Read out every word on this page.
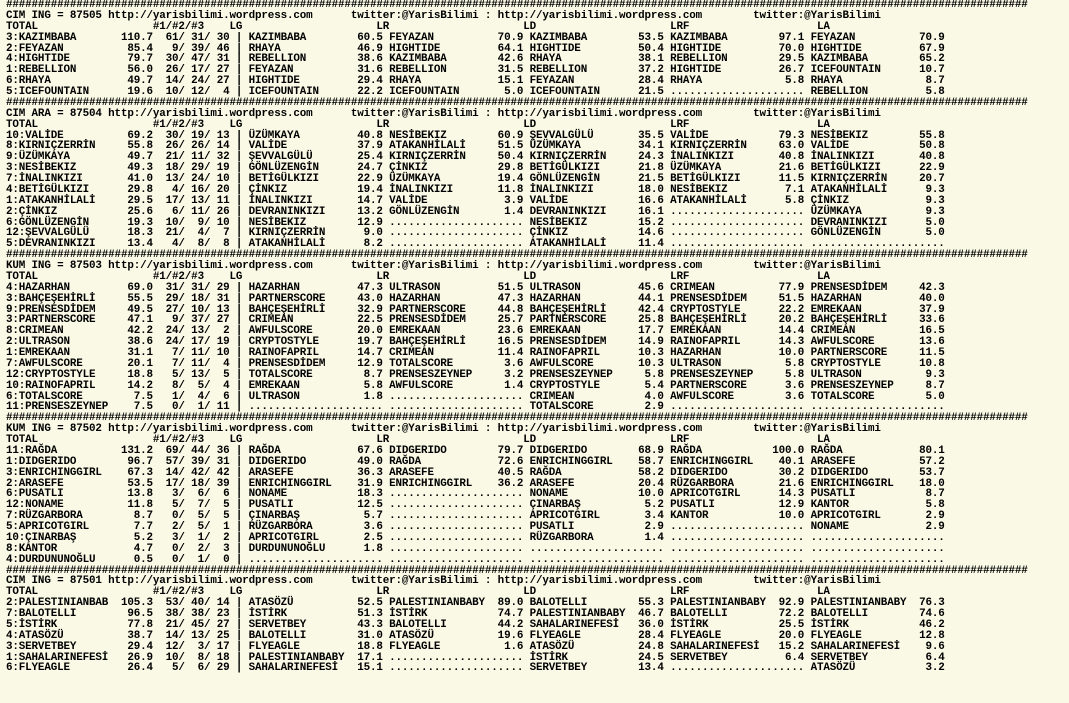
################################################################################################################################################################
CIM ING = 87505 http://yarisbilimi.wordpress.com      twitter:@YarisBilimi : http://yarisbilimi.wordpress.com        twitter:@YarisBilimi
TOTAL                  #1/#2/#3    LG                     LR                     LD                     LRF                    LA
3:KAZIMBABA       110.7  61/ 31/ 30 | KAZIMBABA        60.5 FEYAZAN          70.9 KAZIMBABA        53.5 KAZIMBABA        97.1 FEYAZAN          70.9
2:FEYAZAN          85.4   9/ 39/ 46 | RHAYA            46.9 HIGHTIDE         64.1 HIGHTIDE         50.4 HIGHTIDE         70.0 HIGHTIDE         67.9
4:HIGHTIDE         79.7  30/ 47/ 31 | REBELLION        38.6 KAZIMBABA        42.6 RHAYA            38.1 REBELLION        29.5 KAZIMBABA        65.2
1:REBELLION        56.0  26/ 17/ 27 | FEYAZAN          31.6 REBELLION        31.5 REBELLION        37.2 HIGHTIDE         26.7 ICEFOUNTAIN      10.7
6:RHAYA            49.7  14/ 24/ 27 | HIGHTIDE         29.4 RHAYA            15.1 FEYAZAN          28.4 RHAYA             5.8 RHAYA             8.7
5:ICEFOUNTAIN      19.6  10/ 12/  4 | ICEFOUNTAIN      22.2 ICEFOUNTAIN       5.0 ICEFOUNTAIN      21.5 ..................... REBELLION         5.8
################################################################################################################################################################
CIM ARA = 87504 http://yarisbilimi.wordpress.com      twitter:@YarisBilimi : http://yarisbilimi.wordpress.com        twitter:@YarisBilimi
TOTAL                  #1/#2/#3    LG                     LR                     LD                     LRF                    LA
10:VALİDE          69.2  30/ 19/ 13 | ÜZÜMKAYA         40.8 NESİBEKIZ        60.9 ŞEVVALGÜLÜ       35.5 VALİDE           79.3 NESİBEKIZ        55.8
8:KIRNIÇZERRİN     55.8  26/ 26/ 14 | VALİDE           37.9 ATAKANHİLALİ     51.5 ÜZÜMKAYA         34.1 KIRNIÇZERRİN     63.0 VALİDE           50.8
9:ÜZÜMKAYA         49.7  21/ 11/ 32 | ŞEVVALGÜLÜ       25.4 KIRNIÇZERRİN     50.4 KIRNIÇZERRİN     24.3 İNALINKIZI       40.8 İNALINKIZI       40.8
3:NESİBEKIZ        49.3  18/ 29/ 19 | GÖNLÜZENGİN      24.7 ÇİNKIZ           29.8 BETİGÜLKIZI      21.8 ÜZÜMKAYA         21.6 BETİGÜLKIZI      22.9
7:İNALINKIZI       41.0  13/ 24/ 10 | BETİGÜLKIZI      22.9 ÜZÜMKAYA         19.4 GÖNLÜZENGİN      21.5 BETİGÜLKIZI      11.5 KIRNIÇZERRİN     20.7
4:BETİGÜLKIZI      29.8   4/ 16/ 20 | ÇİNKIZ           19.4 İNALINKIZI       11.8 İNALINKIZI       18.0 NESİBEKIZ         7.1 ATAKANHİLALİ      9.3
1:ATAKANHİLALİ     29.5  17/ 13/ 11 | İNALINKIZI       14.7 VALİDE            3.9 VALİDE           16.6 ATAKANHİLALİ      5.8 ÇİNKIZ            9.3
2:ÇİNKIZ           25.6   6/ 11/ 26 | DEVRANINKIZI     13.2 GÖNLÜZENGİN       1.4 DEVRANINKIZI     16.1 ..................... ÜZÜMKAYA          9.3
6:GÖNLÜZENGİN      19.3  10/  9/ 10 | NESİBEKIZ        12.9 ..................... NESİBEKIZ        15.2 ..................... DEVRANINKIZI      5.0
12:ŞEVVALGÜLÜ      18.3  21/  4/  7 | KIRNIÇZERRİN      9.0 ..................... ÇİNKIZ           14.6 ..................... GÖNLÜZENGİN       5.0
5:DEVRANINKIZI     13.4   4/  8/  8 | ATAKANHİLALİ      8.2 ..................... ATAKANHİLALİ     11.4 ..................... .....................
################################################################################################################################################################
KUM ING = 87503 http://yarisbilimi.wordpress.com      twitter:@YarisBilimi : http://yarisbilimi.wordpress.com        twitter:@YarisBilimi
TOTAL                  #1/#2/#3    LG                     LR                     LD                     LRF                    LA
4:HAZARHAN         69.0  31/ 31/ 29 | HAZARHAN         47.3 ULTRASON         51.5 ULTRASON         45.6 CRIMEAN          77.9 PRENSESDİDEM     42.3
3:BAHÇEŞEHİRLİ     55.5  29/ 18/ 31 | PARTNERSCORE     43.0 HAZARHAN         47.3 HAZARHAN         44.1 PRENSESDİDEM     51.5 HAZARHAN         40.0
9:PRENSESDİDEM     49.5  27/ 10/ 13 | BAHÇEŞEHİRLİ     32.9 PARTNERSCORE     44.8 BAHÇEŞEHİRLİ     42.4 CRYPTOSTYLE      22.2 EMREKAAN         37.9
3:PARTNERSCORE     47.1   9/ 37/ 27 | CRIMEAN          22.5 PRENSESDİDEM     25.7 PARTNERSCORE     25.8 BAHÇEŞEHİRLİ     20.2 BAHÇEŞEHİRLİ     33.6
8:CRIMEAN          42.2  24/ 13/  2 | AWFULSCORE       20.0 EMREKAAN         23.6 EMREKAAN         17.7 EMREKAAN         14.4 CRIMEAN          16.5
2:ULTRASON         38.6  24/ 17/ 19 | CRYPTOSTYLE      19.7 BAHÇEŞEHİRLİ     16.5 PRENSESDİDEM     14.9 RAINOFAPRIL      14.3 AWFULSCORE       13.6
1:EMREKAAN         31.1   7/ 11/ 10 | RAINOFAPRIL      14.7 CRIMEAN          11.4 RAINOFAPRIL      10.3 HAZARHAN         10.0 PARTNERSCORE     11.5
7:AWFULSCORE       20.1   7/ 11/  4 | PRENSESDİDEM     12.9 TOTALSCORE        3.6 AWFULSCORE       10.3 ULTRASON          5.8 CRYPTOSTYLE      10.8
12:CRYPTOSTYLE     18.8   5/ 13/  5 | TOTALSCORE        8.7 PRENSESZEYNEP     3.2 PRENSESZEYNEP     5.8 PRENSESZEYNEP     5.8 ULTRASON          9.3
10:RAINOFAPRIL     14.2   8/  5/  4 | EMREKAAN          5.8 AWFULSCORE        1.4 CRYPTOSTYLE       5.4 PARTNERSCORE      3.6 PRENSESZEYNEP     8.7
6:TOTALSCORE        7.5   1/  4/  6 | ULTRASON          1.8 ..................... CRIMEAN           4.0 AWFULSCORE        3.6 TOTALSCORE        5.0
11:PRENSESZEYNEP    7.5   0/  1/ 11 | ..................... ..................... TOTALSCORE        2.9 ..................... .....................
################################################################################################################################################################
KUM ING = 87502 http://yarisbilimi.wordpress.com      twitter:@YarisBilimi : http://yarisbilimi.wordpress.com        twitter:@YarisBilimi
TOTAL                  #1/#2/#3    LG                     LR                     LD                     LRF                    LA
11:RAĞDA          131.2  69/ 44/ 36 | RAĞDA            67.6 DIDGERIDO        79.7 DIDGERIDO        68.9 RAĞDA           100.0 RAĞDA            80.1
1:DIDGERIDO        96.7  57/ 39/ 31 | DIDGERIDO        49.0 RAĞDA            72.6 ENRICHINGGIRL    58.7 ENRICHINGGIRL    40.1 ARASEFE          57.2
3:ENRICHINGGIRL    67.3  14/ 42/ 42 | ARASEFE          36.3 ARASEFE          40.5 RAĞDA            58.2 DIDGERIDO        30.2 DIDGERIDO        53.7
2:ARASEFE          53.5  17/ 18/ 39 | ENRICHINGGIRL    31.9 ENRICHINGGIRL    36.2 ARASEFE          20.4 RÜZGARBORA       21.6 ENRICHINGGIRL    18.0
6:PUSATLI          13.8   3/  6/  6 | NONAME           18.3 ..................... NONAME           10.0 APRICOTGIRL      14.3 PUSATLI           8.7
12:NONAME          11.8   5/  7/  5 | PUSATLI          12.5 ..................... ÇINARBAŞ          5.2 PUSATLI          12.9 KANTOR            5.8
7:RÜZGARBORA        8.7   0/  5/  5 | ÇINARBAŞ          5.7 ..................... APRICOTGIRL       3.4 KANTOR           10.0 APRICOTGIRL       2.9
5:APRICOTGIRL       7.7   2/  5/  1 | RÜZGARBORA        3.6 ..................... PUSATLI           2.9 ..................... NONAME            2.9
10:ÇINARBAŞ         5.2   3/  1/  2 | APRICOTGIRL       2.5 ..................... RÜZGARBORA        1.4 ..................... .....................
8:KANTOR            4.7   0/  2/  3 | DURDUNUNOĞLU      1.8 ..................... ..................... ..................... .....................
4:DURDUNUNOĞLU      0.5   0/  1/  0 | ..................... ..................... ..................... ..................... .....................
################################################################################################################################################################
CIM ING = 87501 http://yarisbilimi.wordpress.com      twitter:@YarisBilimi : http://yarisbilimi.wordpress.com        twitter:@YarisBilimi
TOTAL                  #1/#2/#3    LG                     LR                     LD                     LRF                    LA
2:PALESTINIANBAB  105.3  53/ 40/ 14 | ATASÖZÜ          52.5 PALESTINIANBABY  89.0 BALOTELLI        55.3 PALESTINIANBABY  92.9 PALESTINIANBABY  76.3
7:BALOTELLI        96.5  38/ 38/ 23 | İSTİRK           51.3 İSTİRK           74.7 PALESTINIANBABY  46.7 BALOTELLI        72.2 BALOTELLI        74.6
5:İSTİRK           77.8  21/ 45/ 27 | SERVETBEY        43.3 BALOTELLI        44.2 SAHALARINEFESİ   36.0 İSTİRK           25.5 İSTİRK           46.2
4:ATASÖZÜ          38.7  14/ 13/ 25 | BALOTELLI        31.0 ATASÖZÜ          19.6 FLYEAGLE         28.4 FLYEAGLE         20.0 FLYEAGLE         12.8
3:SERVETBEY        29.4  12/  3/ 17 | FLYEAGLE         18.8 FLYEAGLE          1.6 ATASÖZÜ          24.8 SAHALARINEFESİ   15.2 SAHALARINEFESİ    9.6
1:SAHALARINEFESİ   26.9  10/  8/ 18 | PALESTINIANBABY  17.1 ..................... İSTİRK           24.5 SERVETBEY         6.4 SERVETBEY         6.4
6:FLYEAGLE         26.4   5/  6/ 29 | SAHALARINEFESİ   15.1 ..................... SERVETBEY        13.4 ..................... ATASÖZÜ           3.2
